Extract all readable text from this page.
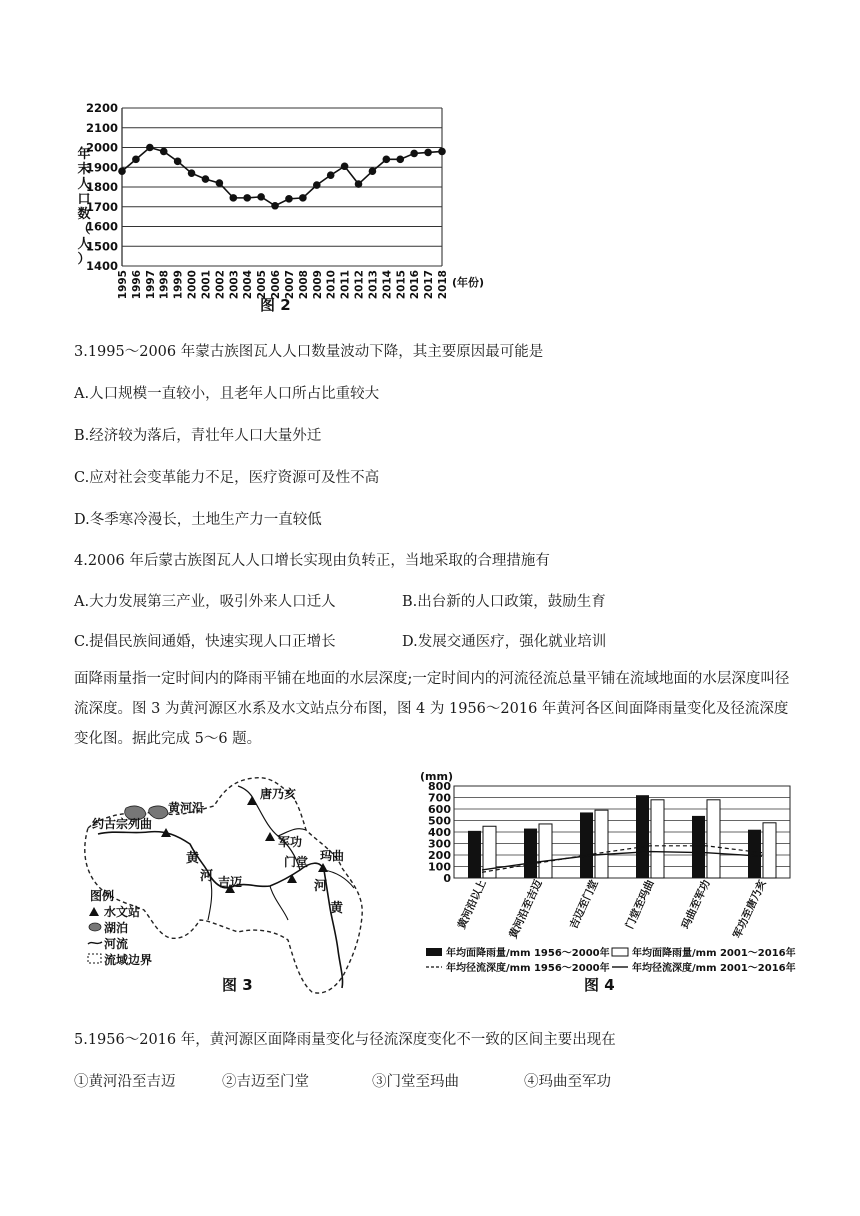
1400
1500
1600
1700
1800
1900
2000
2100
2200
1995 1996 1997 1998 1999 2000 2001 2002 2003 2004 2005 2006 2007 2008 2009 2010 2011 2012 2013 2014 2015 2016 2017 2018
年末人口数（人）
(年份)
图 2
3.1995～2006 年蒙古族图瓦人人口数量波动下降，其主要原因最可能是
A.人口规模一直较小，且老年人口所占比重较大
B.经济较为落后，青壮年人口大量外迁
C.应对社会变革能力不足，医疗资源可及性不高
D.冬季寒冷漫长，土地生产力一直较低
4.2006 年后蒙古族图瓦人人口增长实现由负转正，当地采取的合理措施有
A.大力发展第三产业，吸引外来人口迁人	B.出台新的人口政策，鼓励生育
C.提倡民族间通婚，快速实现人口正增长	D.发展交通医疗，强化就业培训
面降雨量指一定时间内的降雨平铺在地面的水层深度;一定时间内的河流径流总量平铺在流域地面的水层深度叫径流深度。图 3 为黄河源区水系及水文站点分布图，图 4 为 1956～2016 年黄河各区间面降雨量变化及径流深度变化图。据此完成 5～6 题。
约古宗列曲
黄河沿
唐乃亥
军功
玛曲
吉迈
门堂
黄
河
河
黄
图例
水文站
湖泊
河流
流域边界
图 3
(mm)
0
100
200
300
400
500
600
700
800
黄河沿以上 黄河沿至吉迈 吉迈至门堂 门堂至玛曲 玛曲至军功 军功至唐乃亥
年均面降雨量/mm 1956～2000年 年均面降雨量/mm 2001～2016年
年均径流深度/mm 1956～2000年 年均径流深度/mm 2001～2016年
图 4
5.1956～2016 年，黄河源区面降雨量变化与径流深度变化不一致的区间主要出现在
①黄河沿至吉迈	②吉迈至门堂	③门堂至玛曲	④玛曲至军功
